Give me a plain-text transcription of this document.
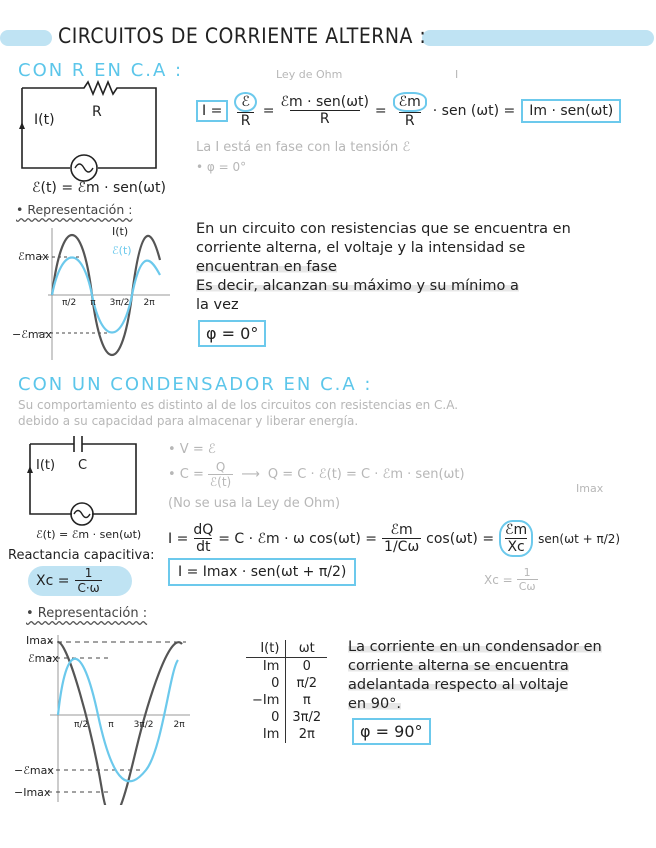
CIRCUITOS DE CORRIENTE ALTERNA :
CON R EN C.A :
R
I(t)
ℰ(t) = ℰm · sen(ωt)
Ley de Ohm	I
I =
ℰ
R
=
ℰm · sen(ωt)
R
=
ℰm
R
· sen (ωt) =	Im · sen(ωt)
La I está en fase con la tensión ℰ
• φ = 0°
• Representación :
ℰmax
−ℰmax
π/2 π 3π/2 2π
I(t)
ℰ(t)
En un circuito con resistencias que se encuentra en
corriente alterna, el voltaje y la intensidad se
encuentran en fase
Es decir, alcanzan su máximo y su mínimo a
la vez
φ = 0°
CON UN CONDENSADOR EN C.A :
Su comportamiento es distinto al de los circuitos con resistencias en C.A.
debido a su capacidad para almacenar y liberar energía.
C
I(t)
ℰ(t) = ℰm · sen(ωt)
• V = ℰ
• C = Q
ℰ(t) ⟶ Q = C · ℰ(t) = C · ℰm · sen(ωt)
(No se usa la Ley de Ohm)
Imax
Reactancia capacitiva:
$Xc = \frac{1}{C\cdot\omega}$
$I = \frac{dQ}{dt} = C$ · ℰm · ω cos(ωt) =
ℰm
1/Cω
cos(ωt) =
ℰm
Xc
sen(ωt + π/2)
$Xc = \frac{1}{C\omega}$
I = Imax · sen(ωt + π/2)
• Representación :
Imax
ℰmax
−ℰmax
−Imax
π/2 π 3π/2 2π
I(t)	ωt
Im	0
0	π/2
−Im	π
0	3π/2
Im	2π
La corriente en un condensador en
corriente alterna se encuentra
adelantada respecto al voltaje
en 90°.
φ = 90°
